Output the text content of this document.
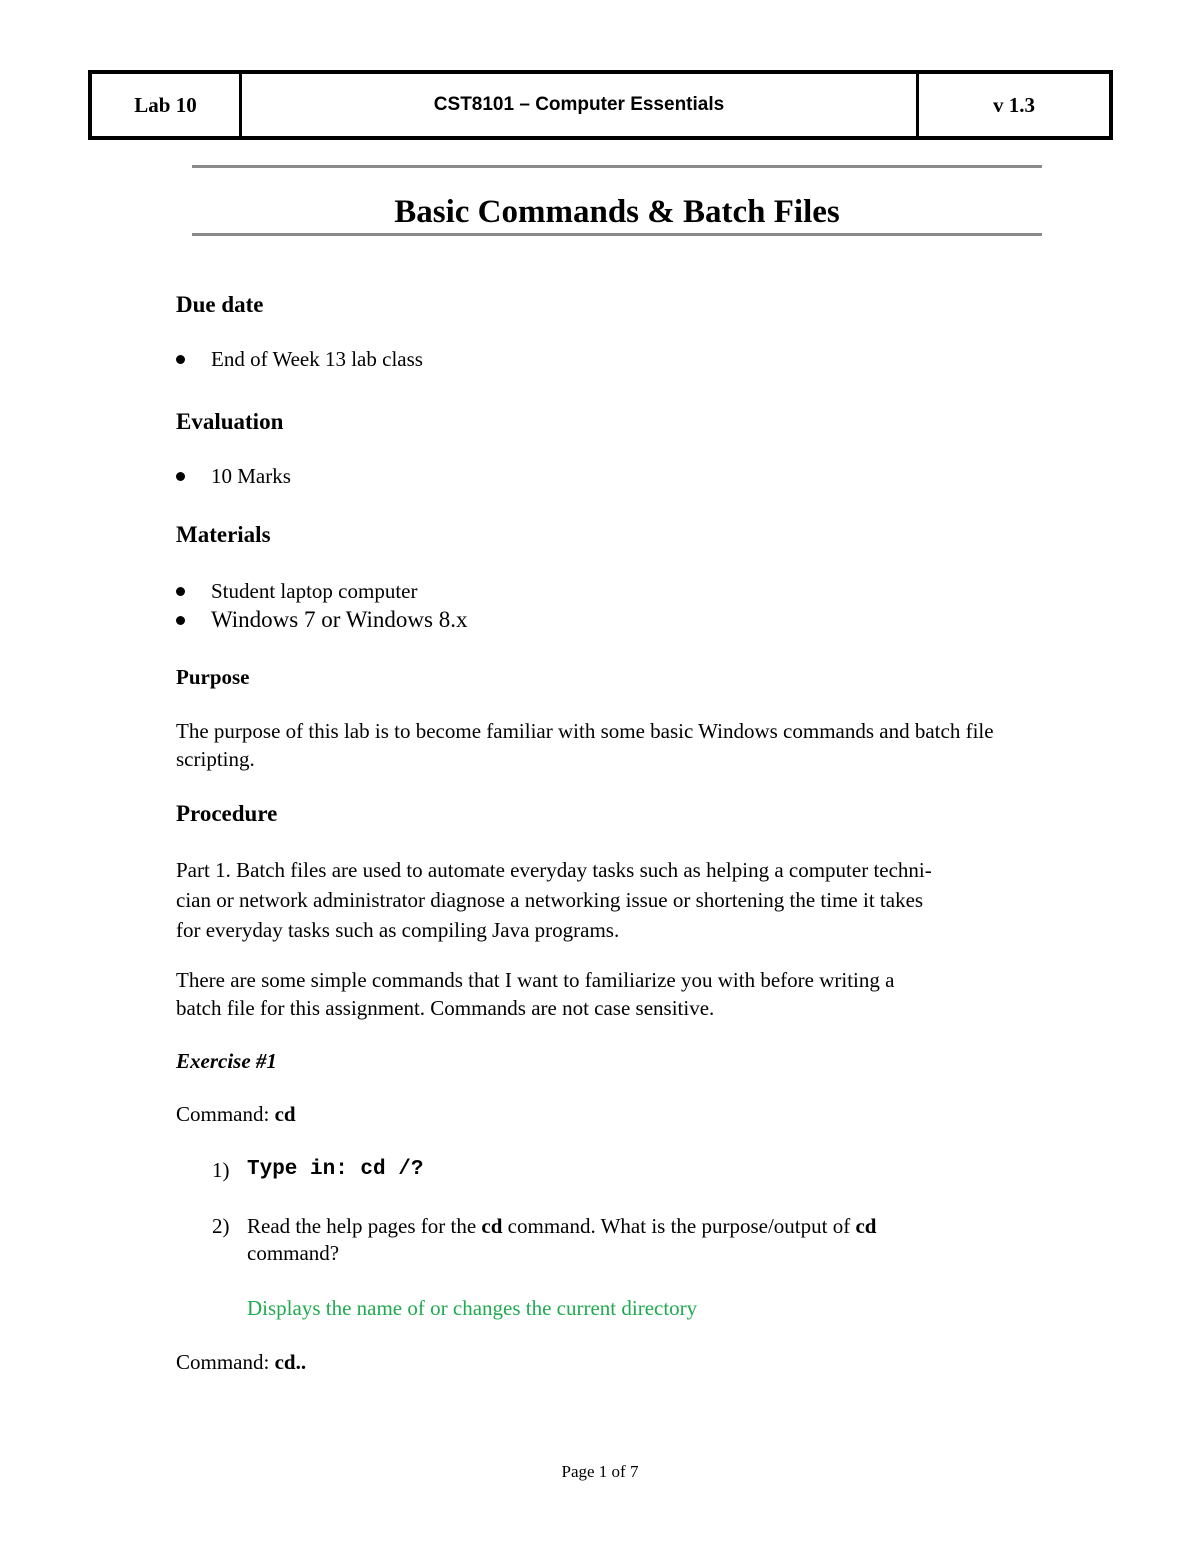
Lab 10	CST8101 – Computer Essentials	v 1.3
Basic Commands & Batch Files
Due date
End of Week 13 lab class
Evaluation
10 Marks
Materials
Student laptop computer
Windows 7 or Windows 8.x
Purpose

The purpose of this lab is to become familiar with some basic Windows commands and batch file scripting.

Procedure
Part 1. Batch files are used to automate everyday tasks such as helping a computer techni-
cian or network administrator diagnose a networking issue or shortening the time it takes
for everyday tasks such as compiling Java programs.
There are some simple commands that I want to familiarize you with before writing a
batch file for this assignment. Commands are not case sensitive.
Exercise #1
Command: cd
1) Type in: cd /?
2) Read the help pages for the cd command. What is the purpose/output of cd
command?
Displays the name of or changes the current directory
Command: cd..
Page 1 of 7
